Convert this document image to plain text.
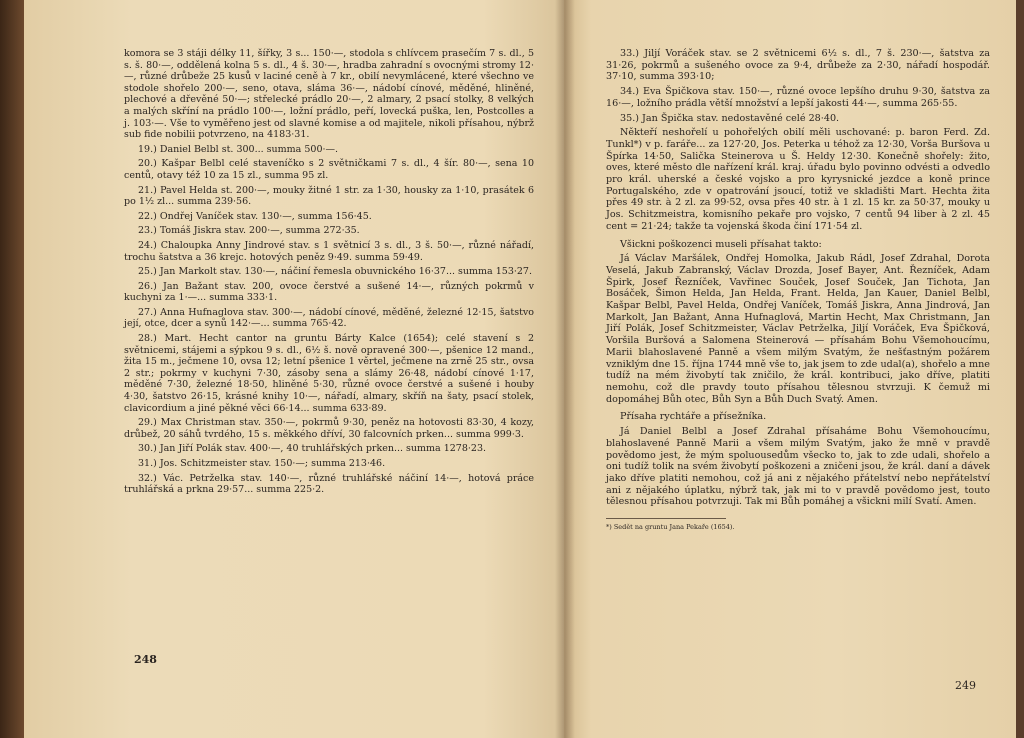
komora se 3 stáji délky 11, šířky, 3 s... 150·—, stodola s chlívcem prasečím 7 s. dl., 5 s. š. 80·—, oddělená kolna 5 s. dl., 4 š. 30·—, hradba zahradní s ovocnými stromy 12·—, různé drůbeže 25 kusů v laciné ceně à 7 kr., obilí nevymlácené, které všechno ve stodole shořelo 200·—, seno, otava, sláma 36·—, nádobí cínové, měděné, hliněné, plechové a dřevěné 50·—; střelecké prádlo 20·—, 2 almary, 2 psací stolky, 8 velkých a malých skříní na prádlo 100·—, ložní prádlo, peří, lovecká puška, len, Postcolles a j. 103·—. Vše to vyměřeno jest od slavné komise a od majitele, nikoli přísahou, nýbrž sub fide nobilii potvrzeno, na 4183·31.

19.) Daniel Belbl st. 300... summa 500·—.

20.) Kašpar Belbl celé staveníčko s 2 světničkami 7 s. dl., 4 šír. 80·—, sena 10 centů, otavy též 10 za 15 zl., summa 95 zl.

21.) Pavel Helda st. 200·—, mouky žitné 1 str. za 1·30, housky za 1·10, prasátek 6 po 1½ zl... summa 239·56.

22.) Ondřej Vaníček stav. 130·—, summa 156·45.

23.) Tomáš Jiskra stav. 200·—, summa 272·35.

24.) Chaloupka Anny Jindrové stav. s 1 světnicí 3 s. dl., 3 š. 50·—, různé nářadí, trochu šatstva a 36 krejc. hotových peněz 9·49. summa 59·49.

25.) Jan Markolt stav. 130·—, náčiní řemesla obuvnického 16·37... summa 153·27.

26.) Jan Bažant stav. 200, ovoce čerstvé a sušené 14·—, různých pokrmů v kuchyni za 1·—... summa 333·1.

27.) Anna Hufnaglova stav. 300·—, nádobí cínové, měděné, železné 12·15, šatstvo její, otce, dcer a synů 142·—... summa 765·42.

28.) Mart. Hecht cantor na gruntu Bárty Kalce (1654); celé stavení s 2 světnicemi, stájemi a sýpkou 9 s. dl., 6½ š. nově opravené 300·—, pšenice 12 mand., žita 15 m., ječmene 10, ovsa 12; letní pšenice 1 věrtel, ječmene na zrně 25 str., ovsa 2 str.; pokrmy v kuchyni 7·30, zásoby sena a slámy 26·48, nádobí cínové 1·17, měděné 7·30, železné 18·50, hliněné 5·30, různé ovoce čerstvé a sušené i houby 4·30, šatstvo 26·15, krásné knihy 10·—, nářadí, almary, skříň na šaty, psací stolek, clavicordium a jiné pěkné věci 66·14... summa 633·89.

29.) Max Christman stav. 350·—, pokrmů 9·30, peněz na hotovosti 83·30, 4 kozy, drůbež, 20 sáhů tvrdého, 15 s. měkkého dříví, 30 falcovních prken... summa 999·3.

30.) Jan Jiří Polák stav. 400·—, 40 truhlářských prken... summa 1278·23.

31.) Jos. Schitzmeister stav. 150·—; summa 213·46.

32.) Vác. Petrželka stav. 140·—, různé truhlářské náčiní 14·—, hotová práce truhlářská a prkna 29·57... summa 225·2.

248

33.) Jiljí Voráček stav. se 2 světnicemi 6½ s. dl., 7 š. 230·—, šatstva za 31·26, pokrmů a sušeného ovoce za 9·4, drůbeže za 2·30, nářadí hospodář. 37·10, summa 393·10;

34.) Eva Špičkova stav. 150·—, různé ovoce lepšího druhu 9·30, šatstva za 16·—, ložního prádla větší množství a lepší jakosti 44·—, summa 265·55.

35.) Jan Špička stav. nedostavěné celé 28·40.

Někteří neshořelí u pohořelých obilí měli uschované: p. baron Ferd. Zd. Tunkl*) v p. faráře... za 127·20, Jos. Peterka u téhož za 12·30, Vorša Buršova u Špírka 14·50, Salička Steinerova u Š. Heldy 12·30. Konečně shořely: žito, oves, které město dle nařízení král. kraj. úřadu bylo povinno odvésti a odvedlo pro král. uherské a české vojsko a pro kyrysnické jezdce a koně prince Portugalského, zde v opatrování jsoucí, totiž ve skladišti Mart. Hechta žita přes 49 str. à 2 zl. za 99·52, ovsa přes 40 str. à 1 zl. 15 kr. za 50·37, mouky u Jos. Schitzmeistra, komisního pekaře pro vojsko, 7 centů 94 liber à 2 zl. 45 cent = 21·24; takže ta vojenská škoda činí 171·54 zl.

Všickni poškozenci museli přísahat takto:

Já Václav Maršálek, Ondřej Homolka, Jakub Rádl, Josef Zdrahal, Dorota Veselá, Jakub Zabranský, Václav Drozda, Josef Bayer, Ant. Řezníček, Adam Špirk, Josef Řezníček, Vavřinec Souček, Josef Souček, Jan Tichota, Jan Bosáček, Šimon Helda, Jan Helda, Frant. Helda, Jan Kauer, Daniel Belbl, Kašpar Belbl, Pavel Helda, Ondřej Vaníček, Tomáš Jiskra, Anna Jindrová, Jan Markolt, Jan Bažant, Anna Hufnaglová, Martin Hecht, Max Christmann, Jan Jiří Polák, Josef Schitzmeister, Václav Petrželka, Jiljí Voráček, Eva Špičková, Voršila Buršová a Salomena Steinerová — přísahám Bohu Všemohoucímu, Marii blahoslavené Panně a všem milým Svatým, že nešťastným požárem vzniklým dne 15. října 1744 mně vše to, jak jsem to zde udal(a), shořelo a mne tudíž na mém živobytí tak zničilo, že král. kontribuci, jako dříve, platiti nemohu, což dle pravdy touto přísahou tělesnou stvrzuji. K čemuž mi dopomáhej Bůh otec, Bůh Syn a Bůh Duch Svatý. Amen.

Přísaha rychtáře a přísežníka.

Já Daniel Belbl a Josef Zdrahal přísaháme Bohu Všemohoucímu, blahoslavené Panně Marii a všem milým Svatým, jako že mně v pravdě povědomo jest, že mým spoluousedům všecko to, jak to zde udali, shořelo a oni tudíž tolik na svém živobytí poškozeni a zničeni jsou, že král. daní a dávek jako dříve platiti nemohou, což já ani z nějakého přátelství nebo nepřátelství ani z nějakého úplatku, nýbrž tak, jak mi to v pravdě povědomo jest, touto tělesnou přísahou potvrzuji. Tak mi Bůh pomáhej a všickni milí Svatí. Amen.

*) Sedět na gruntu Jana Pekaře (1654).
249
